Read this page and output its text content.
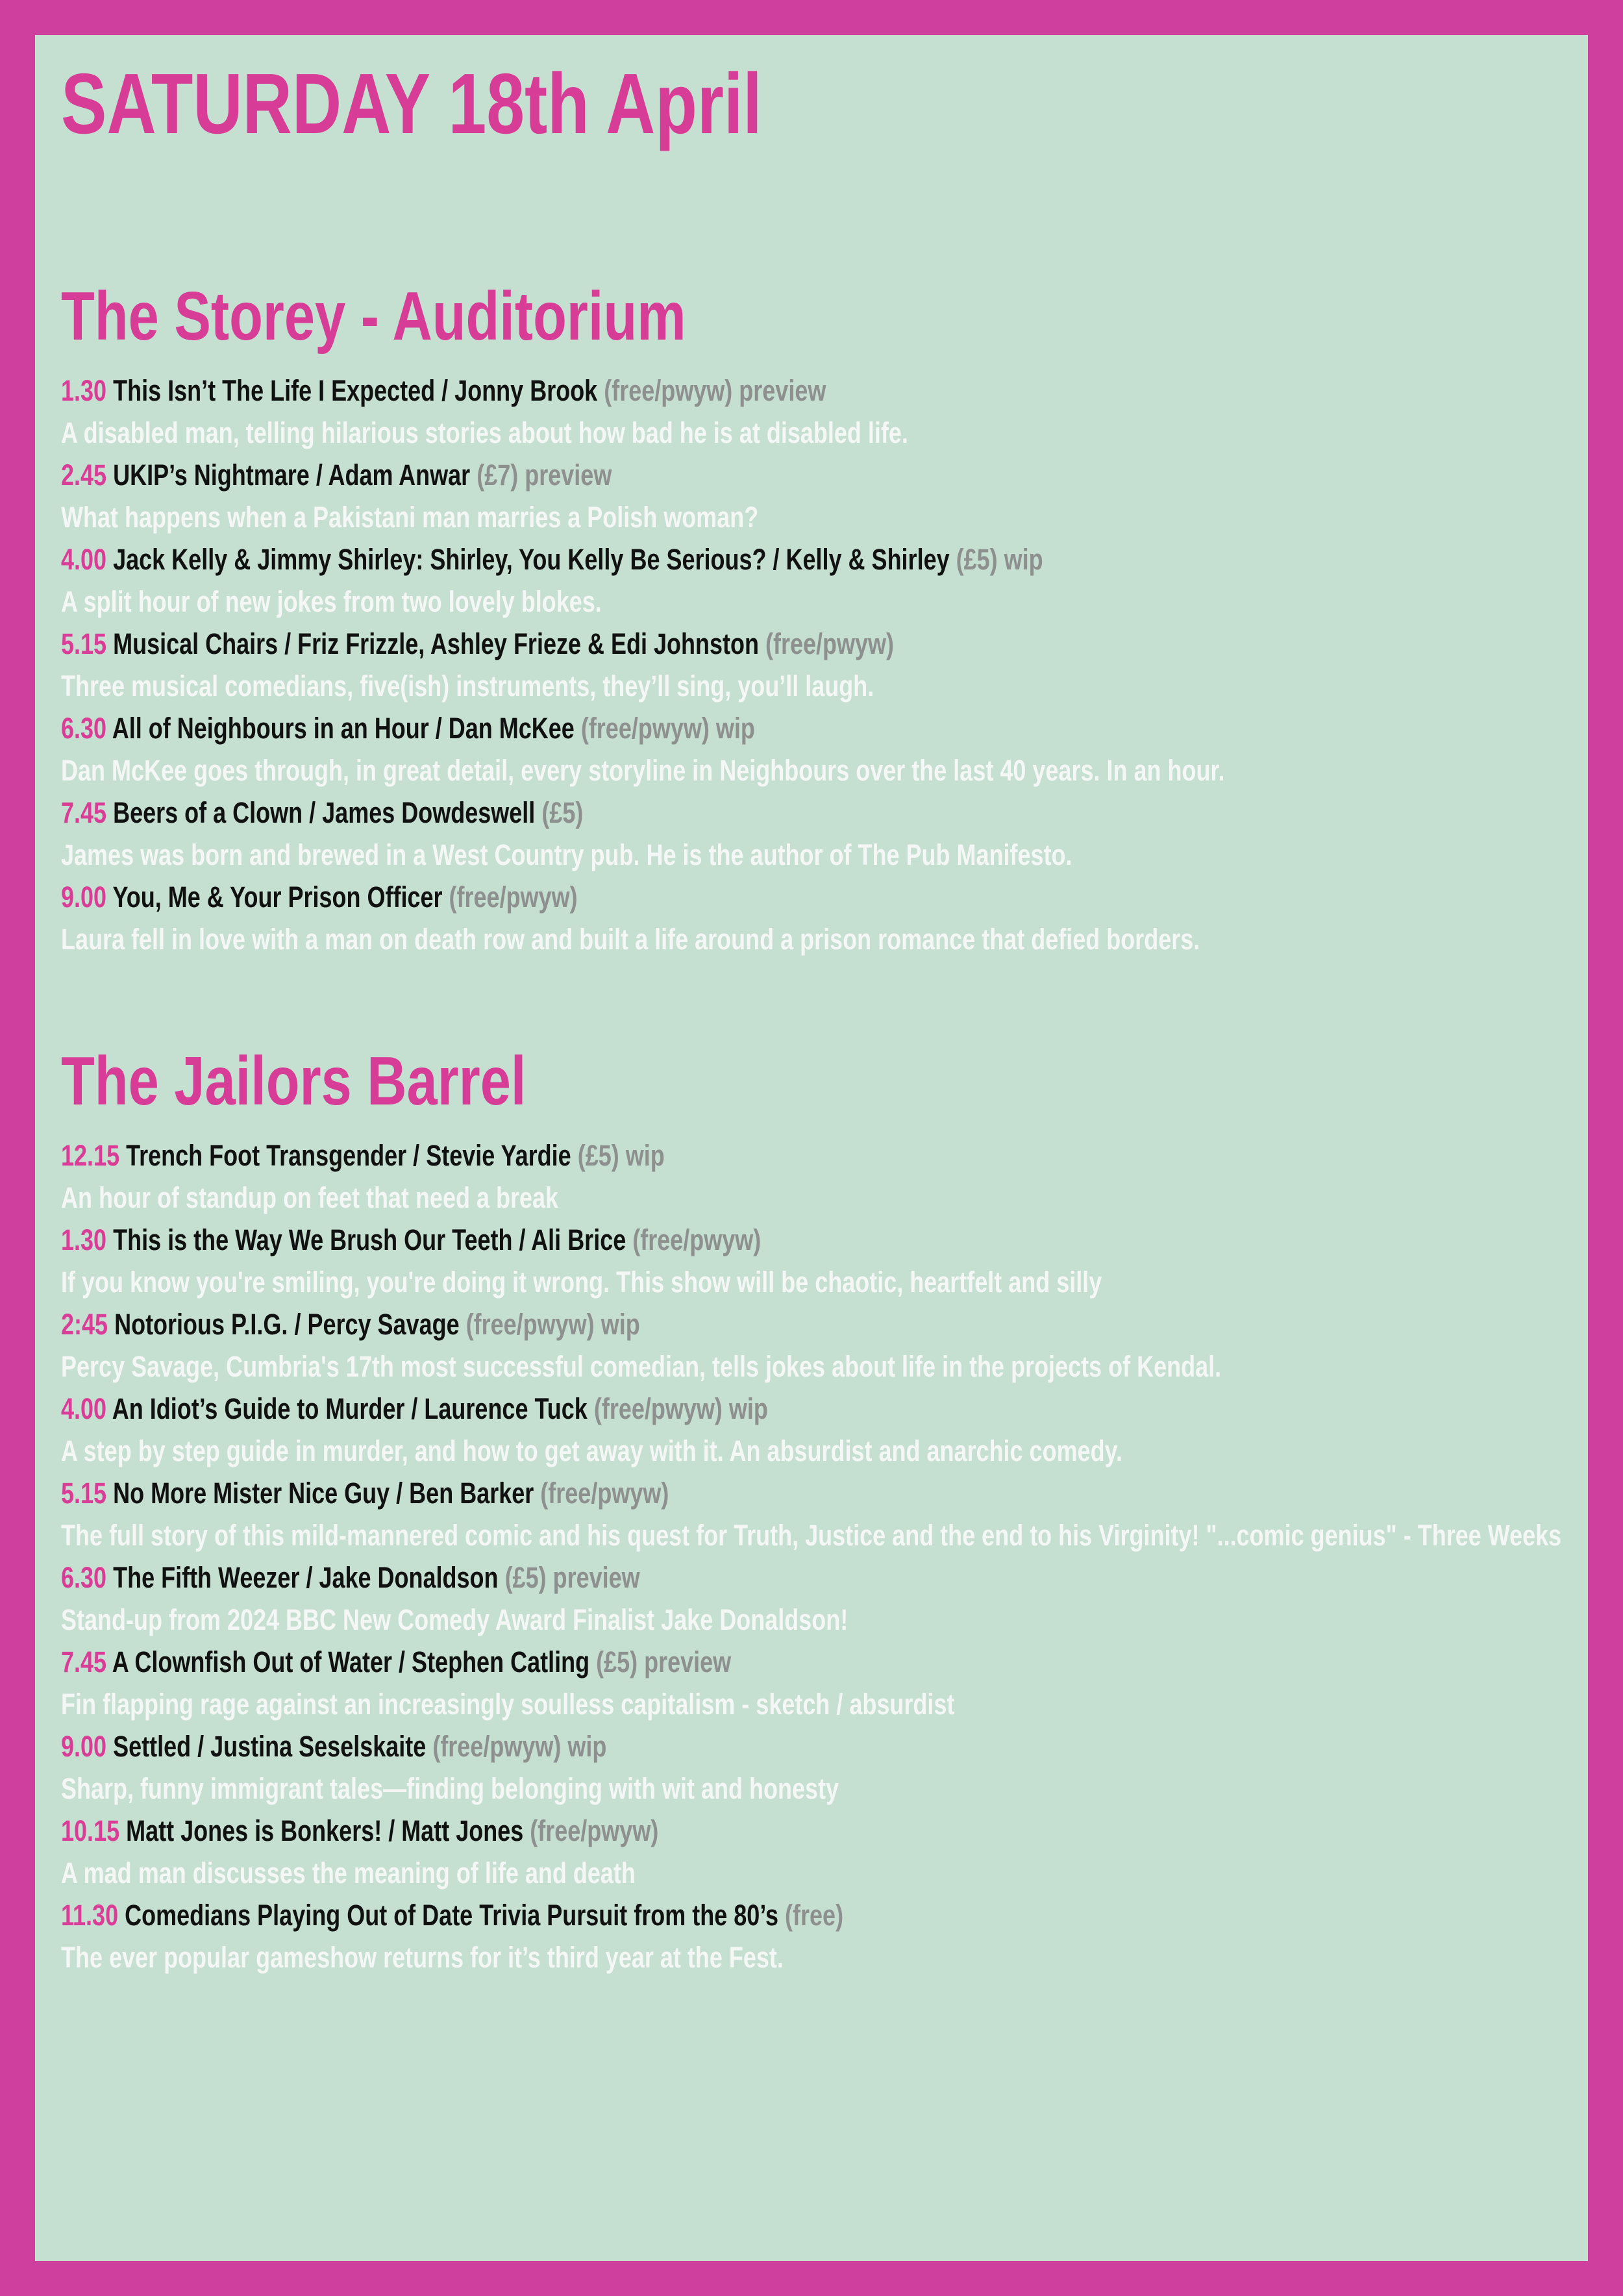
SATURDAY 18th April
The Storey - Auditorium
1.30 This Isn’t The Life I Expected / Jonny Brook (free/pwyw) preview
A disabled man, telling hilarious stories about how bad he is at disabled life.
2.45 UKIP’s Nightmare / Adam Anwar (£7) preview
What happens when a Pakistani man marries a Polish woman?
4.00 Jack Kelly & Jimmy Shirley: Shirley, You Kelly Be Serious? / Kelly & Shirley (£5) wip
A split hour of new jokes from two lovely blokes.
5.15 Musical Chairs / Friz Frizzle, Ashley Frieze & Edi Johnston (free/pwyw)
Three musical comedians, five(ish) instruments, they’ll sing, you’ll laugh.
6.30 All of Neighbours in an Hour / Dan McKee (free/pwyw) wip
Dan McKee goes through, in great detail, every storyline in Neighbours over the last 40 years. In an hour.
7.45 Beers of a Clown / James Dowdeswell (£5)
James was born and brewed in a West Country pub. He is the author of The Pub Manifesto.
9.00 You, Me & Your Prison Officer (free/pwyw)
Laura fell in love with a man on death row and built a life around a prison romance that defied borders.
The Jailors Barrel
12.15 Trench Foot Transgender / Stevie Yardie (£5) wip
An hour of standup on feet that need a break
1.30 This is the Way We Brush Our Teeth / Ali Brice (free/pwyw)
If you know you're smiling, you're doing it wrong. This show will be chaotic, heartfelt and silly
2:45 Notorious P.I.G. / Percy Savage (free/pwyw) wip
Percy Savage, Cumbria's 17th most successful comedian, tells jokes about life in the projects of Kendal.
4.00 An Idiot’s Guide to Murder / Laurence Tuck (free/pwyw) wip
A step by step guide in murder, and how to get away with it. An absurdist and anarchic comedy.
5.15 No More Mister Nice Guy / Ben Barker (free/pwyw)
The full story of this mild-mannered comic and his quest for Truth, Justice and the end to his Virginity! "...comic genius" - Three Weeks
6.30 The Fifth Weezer / Jake Donaldson (£5) preview
Stand-up from 2024 BBC New Comedy Award Finalist Jake Donaldson!
7.45 A Clownfish Out of Water / Stephen Catling (£5) preview
Fin flapping rage against an increasingly soulless capitalism - sketch / absurdist
9.00 Settled / Justina Seselskaite (free/pwyw) wip
Sharp, funny immigrant tales—finding belonging with wit and honesty
10.15 Matt Jones is Bonkers! / Matt Jones (free/pwyw)
A mad man discusses the meaning of life and death
11.30 Comedians Playing Out of Date Trivia Pursuit from the 80’s (free)
The ever popular gameshow returns for it’s third year at the Fest.
